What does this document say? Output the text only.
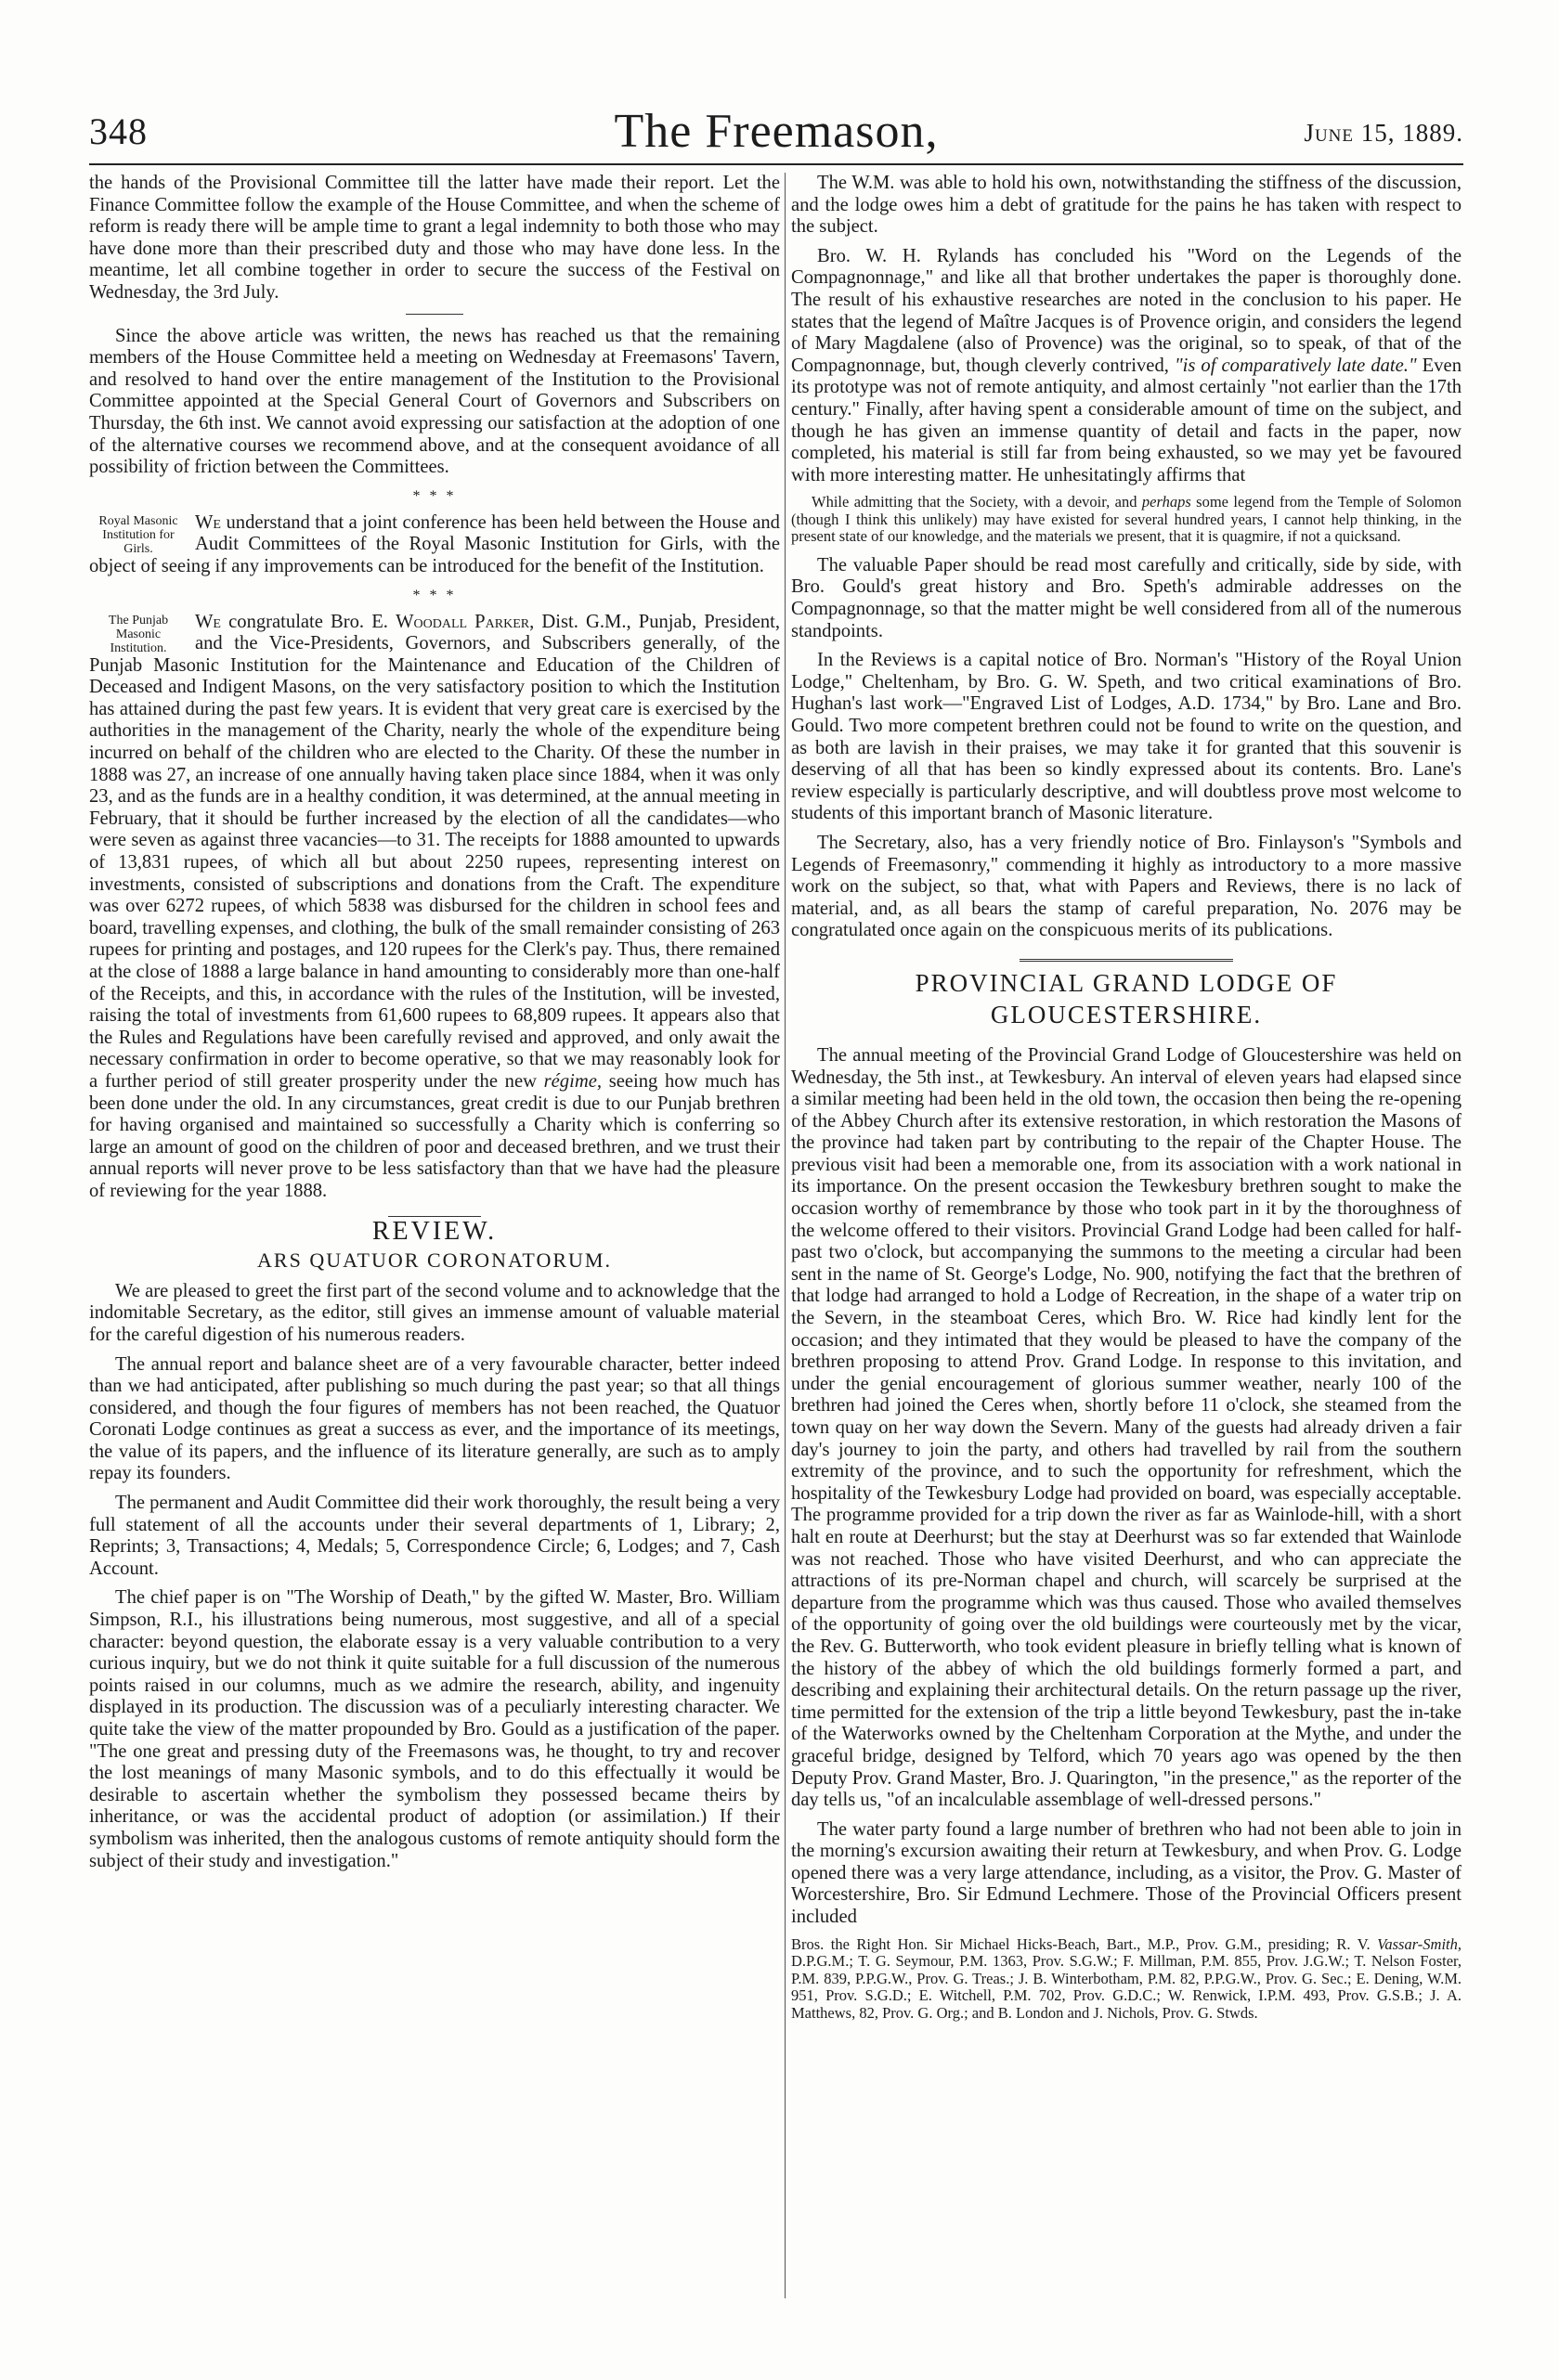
348	The Freemason,	June 15, 1889.

the hands of the Provisional Committee till the latter have made their report. Let the Finance Committee follow the example of the House Committee, and when the scheme of reform is ready there will be ample time to grant a legal indemnity to both those who may have done more than their prescribed duty and those who may have done less. In the meantime, let all combine together in order to secure the success of the Festival on Wednesday, the 3rd July.

Since the above article was written, the news has reached us that the remaining members of the House Committee held a meeting on Wednesday at Freemasons' Tavern, and resolved to hand over the entire management of the Institution to the Provisional Committee appointed at the Special General Court of Governors and Subscribers on Thursday, the 6th inst. We cannot avoid expressing our satisfaction at the adoption of one of the alternative courses we recommend above, and at the consequent avoidance of all possibility of friction between the Committees.

* * *
Royal Masonic Institution for Girls.

We understand that a joint conference has been held between the House and Audit Committees of the Royal Masonic Institution for Girls, with the object of seeing if any improvements can be introduced for the benefit of the Institution.

* * *
The Punjab Masonic Institution.

We congratulate Bro. E. Woodall Parker, Dist. G.M., Punjab, President, and the Vice-Presidents, Governors, and Subscribers generally, of the Punjab Masonic Institution for the Maintenance and Education of the Children of Deceased and Indigent Masons, on the very satisfactory position to which the Institution has attained during the past few years. It is evident that very great care is exercised by the authorities in the management of the Charity, nearly the whole of the expenditure being incurred on behalf of the children who are elected to the Charity. Of these the number in 1888 was 27, an increase of one annually having taken place since 1884, when it was only 23, and as the funds are in a healthy condition, it was determined, at the annual meeting in February, that it should be further increased by the election of all the candidates—who were seven as against three vacancies—to 31. The receipts for 1888 amounted to upwards of 13,831 rupees, of which all but about 2250 rupees, representing interest on investments, consisted of subscriptions and donations from the Craft. The expenditure was over 6272 rupees, of which 5838 was disbursed for the children in school fees and board, travelling expenses, and clothing, the bulk of the small remainder consisting of 263 rupees for printing and postages, and 120 rupees for the Clerk's pay. Thus, there remained at the close of 1888 a large balance in hand amounting to considerably more than one-half of the Receipts, and this, in accordance with the rules of the Institution, will be invested, raising the total of investments from 61,600 rupees to 68,809 rupees. It appears also that the Rules and Regulations have been carefully revised and approved, and only await the necessary confirmation in order to become operative, so that we may reasonably look for a further period of still greater prosperity under the new régime, seeing how much has been done under the old. In any circumstances, great credit is due to our Punjab brethren for having organised and maintained so successfully a Charity which is conferring so large an amount of good on the children of poor and deceased brethren, and we trust their annual reports will never prove to be less satisfactory than that we have had the pleasure of reviewing for the year 1888.

REVIEW.

ARS QUATUOR CORONATORUM.

We are pleased to greet the first part of the second volume and to acknowledge that the indomitable Secretary, as the editor, still gives an immense amount of valuable material for the careful digestion of his numerous readers.

The annual report and balance sheet are of a very favourable character, better indeed than we had anticipated, after publishing so much during the past year; so that all things considered, and though the four figures of members has not been reached, the Quatuor Coronati Lodge continues as great a success as ever, and the importance of its meetings, the value of its papers, and the influence of its literature generally, are such as to amply repay its founders.

The permanent and Audit Committee did their work thoroughly, the result being a very full statement of all the accounts under their several departments of 1, Library; 2, Reprints; 3, Transactions; 4, Medals; 5, Correspondence Circle; 6, Lodges; and 7, Cash Account.

The chief paper is on "The Worship of Death," by the gifted W. Master, Bro. William Simpson, R.I., his illustrations being numerous, most suggestive, and all of a special character: beyond question, the elaborate essay is a very valuable contribution to a very curious inquiry, but we do not think it quite suitable for a full discussion of the numerous points raised in our columns, much as we admire the research, ability, and ingenuity displayed in its production. The discussion was of a peculiarly interesting character. We quite take the view of the matter propounded by Bro. Gould as a justification of the paper. "The one great and pressing duty of the Freemasons was, he thought, to try and recover the lost meanings of many Masonic symbols, and to do this effectually it would be desirable to ascertain whether the symbolism they possessed became theirs by inheritance, or was the accidental product of adoption (or assimilation.) If their symbolism was inherited, then the analogous customs of remote antiquity should form the subject of their study and investigation."

The W.M. was able to hold his own, notwithstanding the stiffness of the discussion, and the lodge owes him a debt of gratitude for the pains he has taken with respect to the subject.

Bro. W. H. Rylands has concluded his "Word on the Legends of the Compagnonnage," and like all that brother undertakes the paper is thoroughly done. The result of his exhaustive researches are noted in the conclusion to his paper. He states that the legend of Maître Jacques is of Provence origin, and considers the legend of Mary Magdalene (also of Provence) was the original, so to speak, of that of the Compagnonnage, but, though cleverly contrived, "is of comparatively late date." Even its prototype was not of remote antiquity, and almost certainly "not earlier than the 17th century." Finally, after having spent a considerable amount of time on the subject, and though he has given an immense quantity of detail and facts in the paper, now completed, his material is still far from being exhausted, so we may yet be favoured with more interesting matter. He unhesitatingly affirms that

While admitting that the Society, with a devoir, and perhaps some legend from the Temple of Solomon (though I think this unlikely) may have existed for several hundred years, I cannot help thinking, in the present state of our knowledge, and the materials we present, that it is quagmire, if not a quicksand.

The valuable Paper should be read most carefully and critically, side by side, with Bro. Gould's great history and Bro. Speth's admirable addresses on the Compagnonnage, so that the matter might be well considered from all of the numerous standpoints.

In the Reviews is a capital notice of Bro. Norman's "History of the Royal Union Lodge," Cheltenham, by Bro. G. W. Speth, and two critical examinations of Bro. Hughan's last work—"Engraved List of Lodges, A.D. 1734," by Bro. Lane and Bro. Gould. Two more competent brethren could not be found to write on the question, and as both are lavish in their praises, we may take it for granted that this souvenir is deserving of all that has been so kindly expressed about its contents. Bro. Lane's review especially is particularly descriptive, and will doubtless prove most welcome to students of this important branch of Masonic literature.

The Secretary, also, has a very friendly notice of Bro. Finlayson's "Symbols and Legends of Freemasonry," commending it highly as introductory to a more massive work on the subject, so that, what with Papers and Reviews, there is no lack of material, and, as all bears the stamp of careful preparation, No. 2076 may be congratulated once again on the conspicuous merits of its publications.

PROVINCIAL GRAND LODGE OF GLOUCESTERSHIRE.

The annual meeting of the Provincial Grand Lodge of Gloucestershire was held on Wednesday, the 5th inst., at Tewkesbury. An interval of eleven years had elapsed since a similar meeting had been held in the old town, the occasion then being the re-opening of the Abbey Church after its extensive restoration, in which restoration the Masons of the province had taken part by contributing to the repair of the Chapter House. The previous visit had been a memorable one, from its association with a work national in its importance. On the present occasion the Tewkesbury brethren sought to make the occasion worthy of remembrance by those who took part in it by the thoroughness of the welcome offered to their visitors. Provincial Grand Lodge had been called for half-past two o'clock, but accompanying the summons to the meeting a circular had been sent in the name of St. George's Lodge, No. 900, notifying the fact that the brethren of that lodge had arranged to hold a Lodge of Recreation, in the shape of a water trip on the Severn, in the steamboat Ceres, which Bro. W. Rice had kindly lent for the occasion; and they intimated that they would be pleased to have the company of the brethren proposing to attend Prov. Grand Lodge. In response to this invitation, and under the genial encouragement of glorious summer weather, nearly 100 of the brethren had joined the Ceres when, shortly before 11 o'clock, she steamed from the town quay on her way down the Severn. Many of the guests had already driven a fair day's journey to join the party, and others had travelled by rail from the southern extremity of the province, and to such the opportunity for refreshment, which the hospitality of the Tewkesbury Lodge had provided on board, was especially acceptable. The programme provided for a trip down the river as far as Wainlode-hill, with a short halt en route at Deerhurst; but the stay at Deerhurst was so far extended that Wainlode was not reached. Those who have visited Deerhurst, and who can appreciate the attractions of its pre-Norman chapel and church, will scarcely be surprised at the departure from the programme which was thus caused. Those who availed themselves of the opportunity of going over the old buildings were courteously met by the vicar, the Rev. G. Butterworth, who took evident pleasure in briefly telling what is known of the history of the abbey of which the old buildings formerly formed a part, and describing and explaining their architectural details. On the return passage up the river, time permitted for the extension of the trip a little beyond Tewkesbury, past the in-take of the Waterworks owned by the Cheltenham Corporation at the Mythe, and under the graceful bridge, designed by Telford, which 70 years ago was opened by the then Deputy Prov. Grand Master, Bro. J. Quarington, "in the presence," as the reporter of the day tells us, "of an incalculable assemblage of well-dressed persons."

The water party found a large number of brethren who had not been able to join in the morning's excursion awaiting their return at Tewkesbury, and when Prov. G. Lodge opened there was a very large attendance, including, as a visitor, the Prov. G. Master of Worcestershire, Bro. Sir Edmund Lechmere. Those of the Provincial Officers present included

Bros. the Right Hon. Sir Michael Hicks-Beach, Bart., M.P., Prov. G.M., presiding; R. V. Vassar-Smith, D.P.G.M.; T. G. Seymour, P.M. 1363, Prov. S.G.W.; F. Millman, P.M. 855, Prov. J.G.W.; T. Nelson Foster, P.M. 839, P.P.G.W., Prov. G. Treas.; J. B. Winterbotham, P.M. 82, P.P.G.W., Prov. G. Sec.; E. Dening, W.M. 951, Prov. S.G.D.; E. Witchell, P.M. 702, Prov. G.D.C.; W. Renwick, I.P.M. 493, Prov. G.S.B.; J. A. Matthews, 82, Prov. G. Org.; and B. London and J. Nichols, Prov. G. Stwds.
